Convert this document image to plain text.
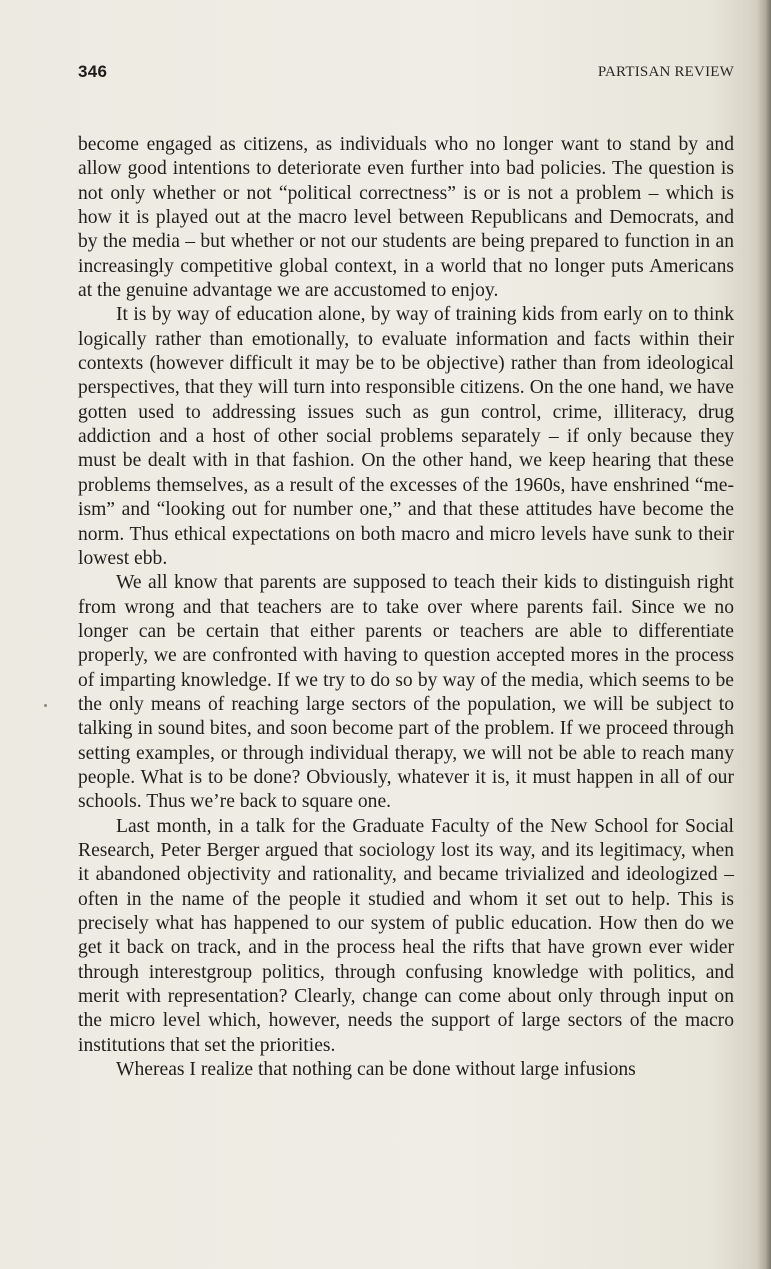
346	PARTISAN REVIEW

become engaged as citizens, as individuals who no longer want to stand by and allow good intentions to deteriorate even further into bad policies. The question is not only whether or not “political correctness” is or is not a problem – which is how it is played out at the macro level between Republicans and Democrats, and by the media – but whether or not our students are being prepared to function in an increasingly competitive global context, in a world that no longer puts Americans at the genuine advantage we are accustomed to enjoy.

It is by way of education alone, by way of training kids from early on to think logically rather than emotionally, to evaluate information and facts within their contexts (however difficult it may be to be objective) rather than from ideological perspectives, that they will turn into responsible citizens. On the one hand, we have gotten used to addressing issues such as gun control, crime, illiteracy, drug addiction and a host of other social problems separately – if only because they must be dealt with in that fashion. On the other hand, we keep hearing that these problems themselves, as a result of the excesses of the 1960s, have enshrined “meism” and “looking out for number one,” and that these attitudes have become the norm. Thus ethical expectations on both macro and micro levels have sunk to their lowest ebb.

We all know that parents are supposed to teach their kids to distinguish right from wrong and that teachers are to take over where parents fail. Since we no longer can be certain that either parents or teachers are able to differentiate properly, we are confronted with having to question accepted mores in the process of imparting knowledge. If we try to do so by way of the media, which seems to be the only means of reaching large sectors of the population, we will be subject to talking in sound bites, and soon become part of the problem. If we proceed through setting examples, or through individual therapy, we will not be able to reach many people. What is to be done? Obviously, whatever it is, it must happen in all of our schools. Thus we’re back to square one.

Last month, in a talk for the Graduate Faculty of the New School for Social Research, Peter Berger argued that sociology lost its way, and its legitimacy, when it abandoned objectivity and rationality, and became trivialized and ideologized – often in the name of the people it studied and whom it set out to help. This is precisely what has happened to our system of public education. How then do we get it back on track, and in the process heal the rifts that have grown ever wider through interestgroup politics, through confusing knowledge with politics, and merit with representation? Clearly, change can come about only through input on the micro level which, however, needs the support of large sectors of the macro institutions that set the priorities.

Whereas I realize that nothing can be done without large infusions
